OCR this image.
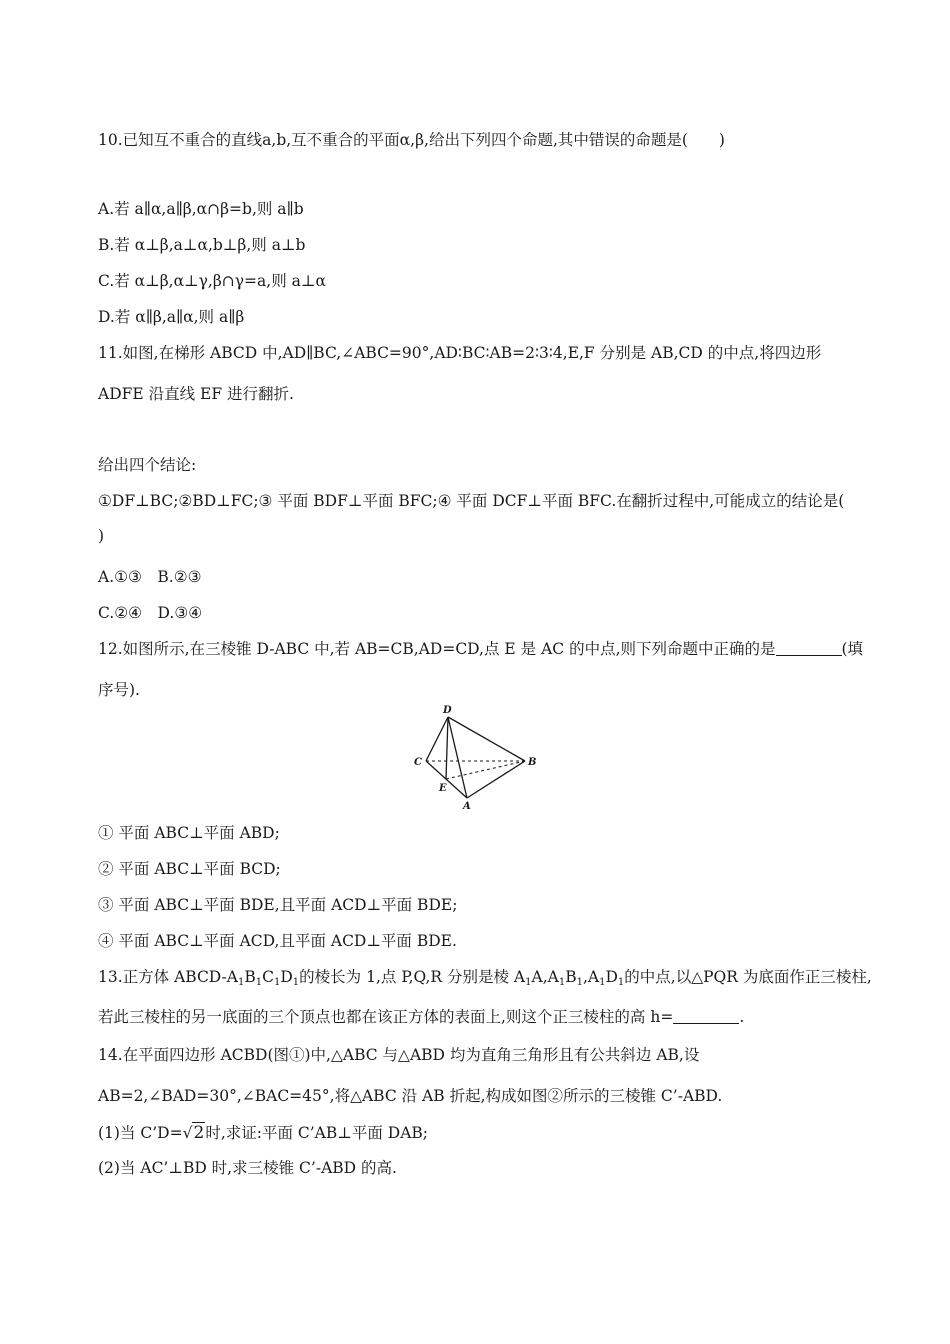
10.已知互不重合的直线a,b,互不重合的平面α,β,给出下列四个命题,其中错误的命题是(　　)
A.若 a∥α,a∥β,α∩β=b,则 a∥b
B.若 α⊥β,a⊥α,b⊥β,则 a⊥b
C.若 α⊥β,α⊥γ,β∩γ=a,则 a⊥α
D.若 α∥β,a∥α,则 a∥β
11.如图,在梯形 ABCD 中,AD∥BC,∠ABC=90°,AD∶BC∶AB=2∶3∶4,E,F 分别是 AB,CD 的中点,将四边形
ADFE 沿直线 EF 进行翻折.
给出四个结论:
①DF⊥BC;②BD⊥FC;③ 平面 BDF⊥平面 BFC;④ 平面 DCF⊥平面 BFC.在翻折过程中,可能成立的结论是(
)
A.①③　B.②③
C.②④　D.③④
12.如图所示,在三棱锥 D-ABC 中,若 AB=CB,AD=CD,点 E 是 AC 的中点,则下列命题中正确的是	(填
序号).
D
C	B
E
A
① 平面 ABC⊥平面 ABD;
② 平面 ABC⊥平面 BCD;
③ 平面 ABC⊥平面 BDE,且平面 ACD⊥平面 BDE;
④ 平面 ABC⊥平面 ACD,且平面 ACD⊥平面 BDE.
13.正方体 ABCD-$A_1B_1C_1D_1$的棱长为 1,点 P,Q,R 分别是棱 $A_1A,A_1B_1,A_1D_1$的中点,以△PQR 为底面作正三棱柱,
若此三棱柱的另一底面的三个顶点也都在该正方体的表面上,则这个正三棱柱的高 h=	.
14.在平面四边形 ACBD(图①)中,△ABC 与△ABD 均为直角三角形且有公共斜边 AB,设
AB=2,∠BAD=30°,∠BAC=45°,将△ABC 沿 AB 折起,构成如图②所示的三棱锥 C’-ABD.
(1)当 C’D=√2时,求证:平面 C’AB⊥平面 DAB;
(2)当 AC’⊥BD 时,求三棱锥 C’-ABD 的高.
